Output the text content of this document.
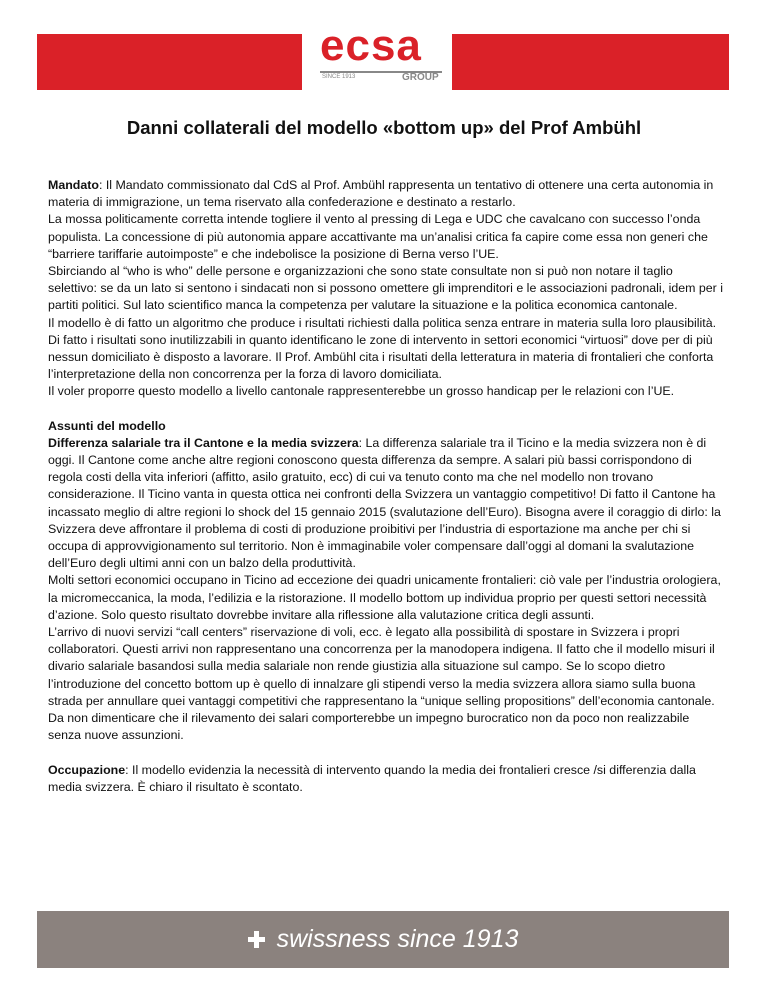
ecsa
SINCE 1913	GROUP
Danni collaterali del modello «bottom up» del Prof Ambühl

Mandato: Il Mandato commissionato dal CdS al Prof. Ambühl rappresenta un tentativo di ottenere una certa autonomia in materia di immigrazione, un tema riservato alla confederazione e destinato a restarlo.

La mossa politicamente corretta intende togliere il vento al pressing di Lega e UDC che cavalcano con successo l’onda populista. La concessione di più autonomia appare accattivante ma un’analisi critica fa capire come essa non generi che “barriere tariffarie autoimposte” e che indebolisce la posizione di Berna verso l’UE.

Sbirciando al “who is who” delle persone e organizzazioni che sono state consultate non si può non notare il taglio selettivo: se da un lato si sentono i sindacati non si possono omettere gli imprenditori e le associazioni padronali, idem per i partiti politici. Sul lato scientifico manca la competenza per valutare la situazione e la politica economica cantonale.

Il modello è di fatto un algoritmo che produce i risultati richiesti dalla politica senza entrare in materia sulla loro plausibilità. Di fatto i risultati sono inutilizzabili in quanto identificano le zone di intervento in settori economici “virtuosi” dove per di più nessun domiciliato è disposto a lavorare. Il Prof. Ambühl cita i risultati della letteratura in materia di frontalieri che conforta l’interpretazione della non concorrenza per la forza di lavoro domiciliata.

Il voler proporre questo modello a livello cantonale rappresenterebbe un grosso handicap per le relazioni con l’UE.

Assunti del modello

Differenza salariale tra il Cantone e la media svizzera: La differenza salariale tra il Ticino e la media svizzera non è di oggi. Il Cantone come anche altre regioni conoscono questa differenza da sempre. A salari più bassi corrispondono di regola costi della vita inferiori (affitto, asilo gratuito, ecc) di cui va tenuto conto ma che nel modello non trovano considerazione. Il Ticino vanta in questa ottica nei confronti della Svizzera un vantaggio competitivo! Di fatto il Cantone ha incassato meglio di altre regioni lo shock del 15 gennaio 2015 (svalutazione dell’Euro). Bisogna avere il coraggio di dirlo: la Svizzera deve affrontare il problema di costi di produzione proibitivi per l’industria di esportazione ma anche per chi si occupa di approvvigionamento sul territorio. Non è immaginabile voler compensare dall’oggi al domani la svalutazione dell’Euro degli ultimi anni con un balzo della produttività.

Molti settori economici occupano in Ticino ad eccezione dei quadri unicamente frontalieri: ciò vale per l’industria orologiera, la micromeccanica, la moda, l’edilizia e la ristorazione. Il modello bottom up individua proprio per questi settori necessità d’azione. Solo questo risultato dovrebbe invitare alla riflessione alla valutazione critica degli assunti.

L’arrivo di nuovi servizi “call centers” riservazione di voli, ecc. è legato alla possibilità di spostare in Svizzera i propri collaboratori. Questi arrivi non rappresentano una concorrenza per la manodopera indigena. Il fatto che il modello misuri il divario salariale basandosi sulla media salariale non rende giustizia alla situazione sul campo. Se lo scopo dietro l’introduzione del concetto bottom up è quello di innalzare gli stipendi verso la media svizzera allora siamo sulla buona strada per annullare quei vantaggi competitivi che rappresentano la “unique selling propositions” dell’economia cantonale. Da non dimenticare che il rilevamento dei salari comporterebbe un impegno burocratico non da poco non realizzabile senza nuove assunzioni.

Occupazione: Il modello evidenzia la necessità di intervento quando la media dei frontalieri cresce /si differenzia dalla media svizzera. È chiaro il risultato è scontato.

swissness since 1913
